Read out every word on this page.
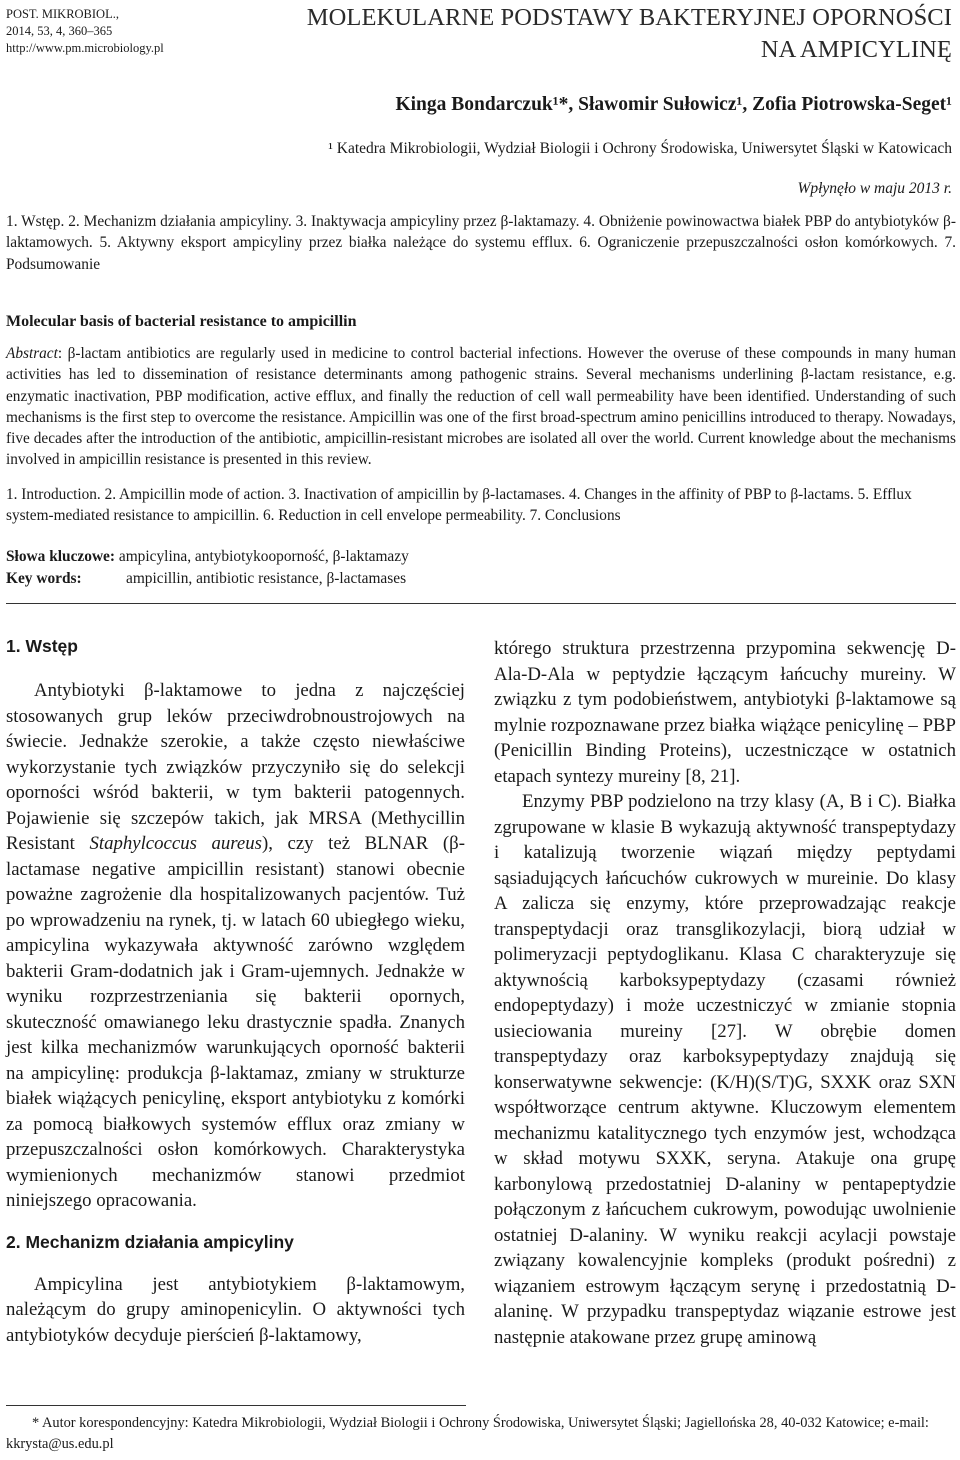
POST. MIKROBIOL.,
2014, 53, 4, 360–365
http://www.pm.microbiology.pl
MOLEKULARNE PODSTAWY BAKTERYJNEJ OPORNOŚCI
NA AMPICYLINĘ
Kinga Bondarczuk¹*, Sławomir Sułowicz¹, Zofia Piotrowska-Seget¹
¹ Katedra Mikrobiologii, Wydział Biologii i Ochrony Środowiska, Uniwersytet Śląski w Katowicach
Wpłynęło w maju 2013 r.
1. Wstęp. 2. Mechanizm działania ampicyliny. 3. Inaktywacja ampicyliny przez β-laktamazy. 4. Obniżenie powinowactwa białek PBP do antybiotyków β-laktamowych. 5. Aktywny eksport ampicyliny przez białka należące do systemu efflux. 6. Ograniczenie przepuszczalności osłon komórkowych. 7. Podsumowanie
Molecular basis of bacterial resistance to ampicillin
Abstract: β-lactam antibiotics are regularly used in medicine to control bacterial infections. However the overuse of these compounds in many human activities has led to dissemination of resistance determinants among pathogenic strains. Several mechanisms underlining β-lactam resistance, e.g. enzymatic inactivation, PBP modification, active efflux, and finally the reduction of cell wall permeability have been identified. Understanding of such mechanisms is the first step to overcome the resistance. Ampicillin was one of the first broad-spectrum amino penicillins introduced to therapy. Nowadays, five decades after the introduction of the antibiotic, ampicillin-resistant microbes are isolated all over the world. Current knowledge about the mechanisms involved in ampicillin resistance is presented in this review.
1. Introduction. 2. Ampicillin mode of action. 3. Inactivation of ampicillin by β-lactamases. 4. Changes in the affinity of PBP to β-lactams. 5. Efflux system-mediated resistance to ampicillin. 6. Reduction in cell envelope permeability. 7. Conclusions
Słowa kluczowe: ampicylina, antybiotykooporność, β-laktamazy
Key words:	ampicillin, antibiotic resistance, β-lactamases
1. Wstęp

Antybiotyki β-laktamowe to jedna z najczęściej stosowanych grup leków przeciwdrobnoustrojowych na świecie. Jednakże szerokie, a także często niewłaściwe wykorzystanie tych związków przyczyniło się do selekcji oporności wśród bakterii, w tym bakterii patogennych. Pojawienie się szczepów takich, jak MRSA (Methycillin Resistant Staphylcoccus aureus), czy też BLNAR (β-lactamase negative ampicillin resistant) stanowi obecnie poważne zagrożenie dla hospitalizowanych pacjentów. Tuż po wprowadzeniu na rynek, tj. w latach 60 ubiegłego wieku, ampicylina wykazywała aktywność zarówno względem bakterii Gram-dodatnich jak i Gram-ujemnych. Jednakże w wyniku rozprzestrzeniania się bakterii opornych, skuteczność omawianego leku drastycznie spadła. Znanych jest kilka mechanizmów warunkujących oporność bakterii na ampicylinę: produkcja β-laktamaz, zmiany w strukturze białek wiążących penicylinę, eksport antybiotyku z komórki za pomocą białkowych systemów efflux oraz zmiany w przepuszczalności osłon komórkowych. Charakterystyka wymienionych mechanizmów stanowi przedmiot niniejszego opracowania.

2. Mechanizm działania ampicyliny

Ampicylina jest antybiotykiem β-laktamowym, należącym do grupy aminopenicylin. O aktywności tych antybiotyków decyduje pierścień β-laktamowy,

którego struktura przestrzenna przypomina sekwencję D-Ala-D-Ala w peptydzie łączącym łańcuchy mureiny. W związku z tym podobieństwem, antybiotyki β-laktamowe są mylnie rozpoznawane przez białka wiążące penicylinę – PBP (Penicillin Binding Proteins), uczestniczące w ostatnich etapach syntezy mureiny [8, 21].

Enzymy PBP podzielono na trzy klasy (A, B i C). Białka zgrupowane w klasie B wykazują aktywność transpeptydazy i katalizują tworzenie wiązań między peptydami sąsiadujących łańcuchów cukrowych w mureinie. Do klasy A zalicza się enzymy, które przeprowadzając reakcje transpeptydacji oraz transglikozylacji, biorą udział w polimeryzacji peptydoglikanu. Klasa C charakteryzuje się aktywnością karboksypeptydazy (czasami również endopeptydazy) i może uczestniczyć w zmianie stopnia usieciowania mureiny [27]. W obrębie domen transpeptydazy oraz karboksypeptydazy znajdują się konserwatywne sekwencje: (K/H)(S/T)G, SXXK oraz SXN współtworzące centrum aktywne. Kluczowym elementem mechanizmu katalitycznego tych enzymów jest, wchodząca w skład motywu SXXK, seryna. Atakuje ona grupę karbonylową przedostatniej D-alaniny w pentapeptydzie połączonym z łańcuchem cukrowym, powodując uwolnienie ostatniej D-alaniny. W wyniku reakcji acylacji powstaje związany kowalencyjnie kompleks (produkt pośredni) z wiązaniem estrowym łączącym serynę i przedostatnią D-alaninę. W przypadku transpeptydaz wiązanie estrowe jest następnie atakowane przez grupę aminową

* Autor korespondencyjny: Katedra Mikrobiologii, Wydział Biologii i Ochrony Środowiska, Uniwersytet Śląski; Jagiellońska 28, 40-032 Katowice; e-mail: kkrysta@us.edu.pl
